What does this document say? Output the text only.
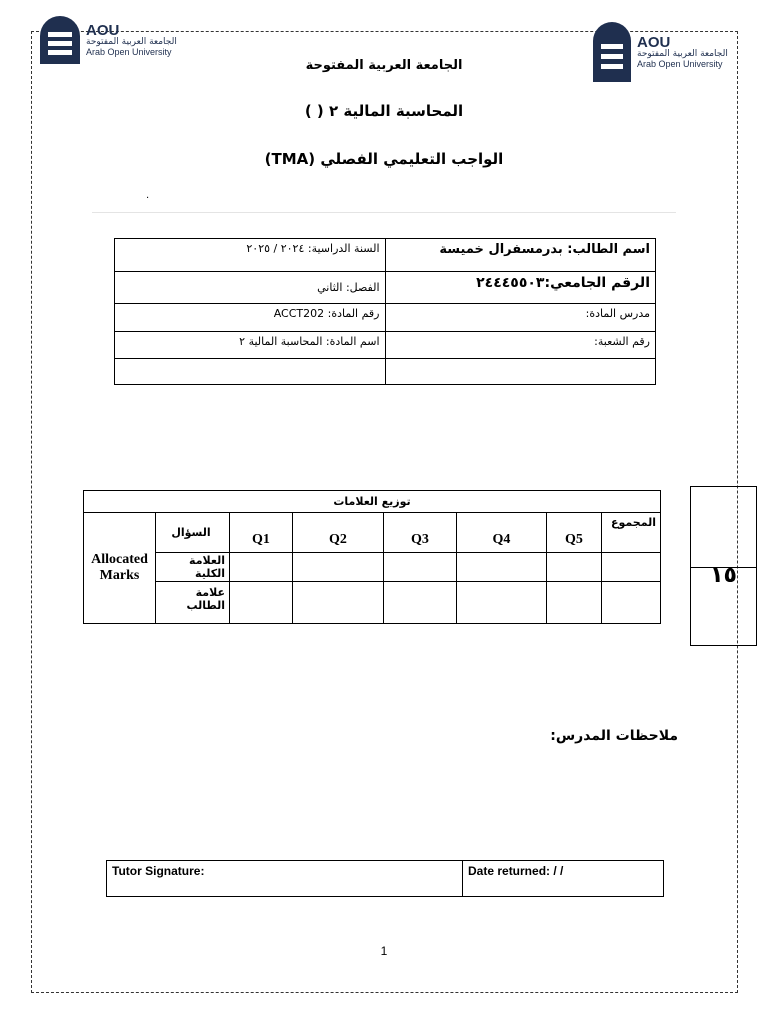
AOU
الجامعة العربية المفتوحة
Arab Open University
AOU
الجامعة العربية المفتوحة
Arab Open University
الجامعة العربية المفتوحة
المحاسبة المالية ٢ ( )
الواجب التعليمي الفصلي (TMA)
.
اسم الطالب: بدرمسفرال خميسة	السنة الدراسية: ٢٠٢٤ / ٢٠٢٥
الرقم الجامعي:٢٤٤٤٥٥٠٣	الفصل: الثاني
مدرس المادة:	رقم المادة: ACCT202
رقم الشعبة:	اسم المادة: المحاسبة المالية ٢

توزيع العلامات							
Allocated Marks	السؤال	Q1	Q2	Q3	Q4	Q5	المجموع
	العلامة الكلية						
	علامة الطالب						
١٥
ملاحظات المدرس:
Tutor Signature:	Date returned: / /
1
